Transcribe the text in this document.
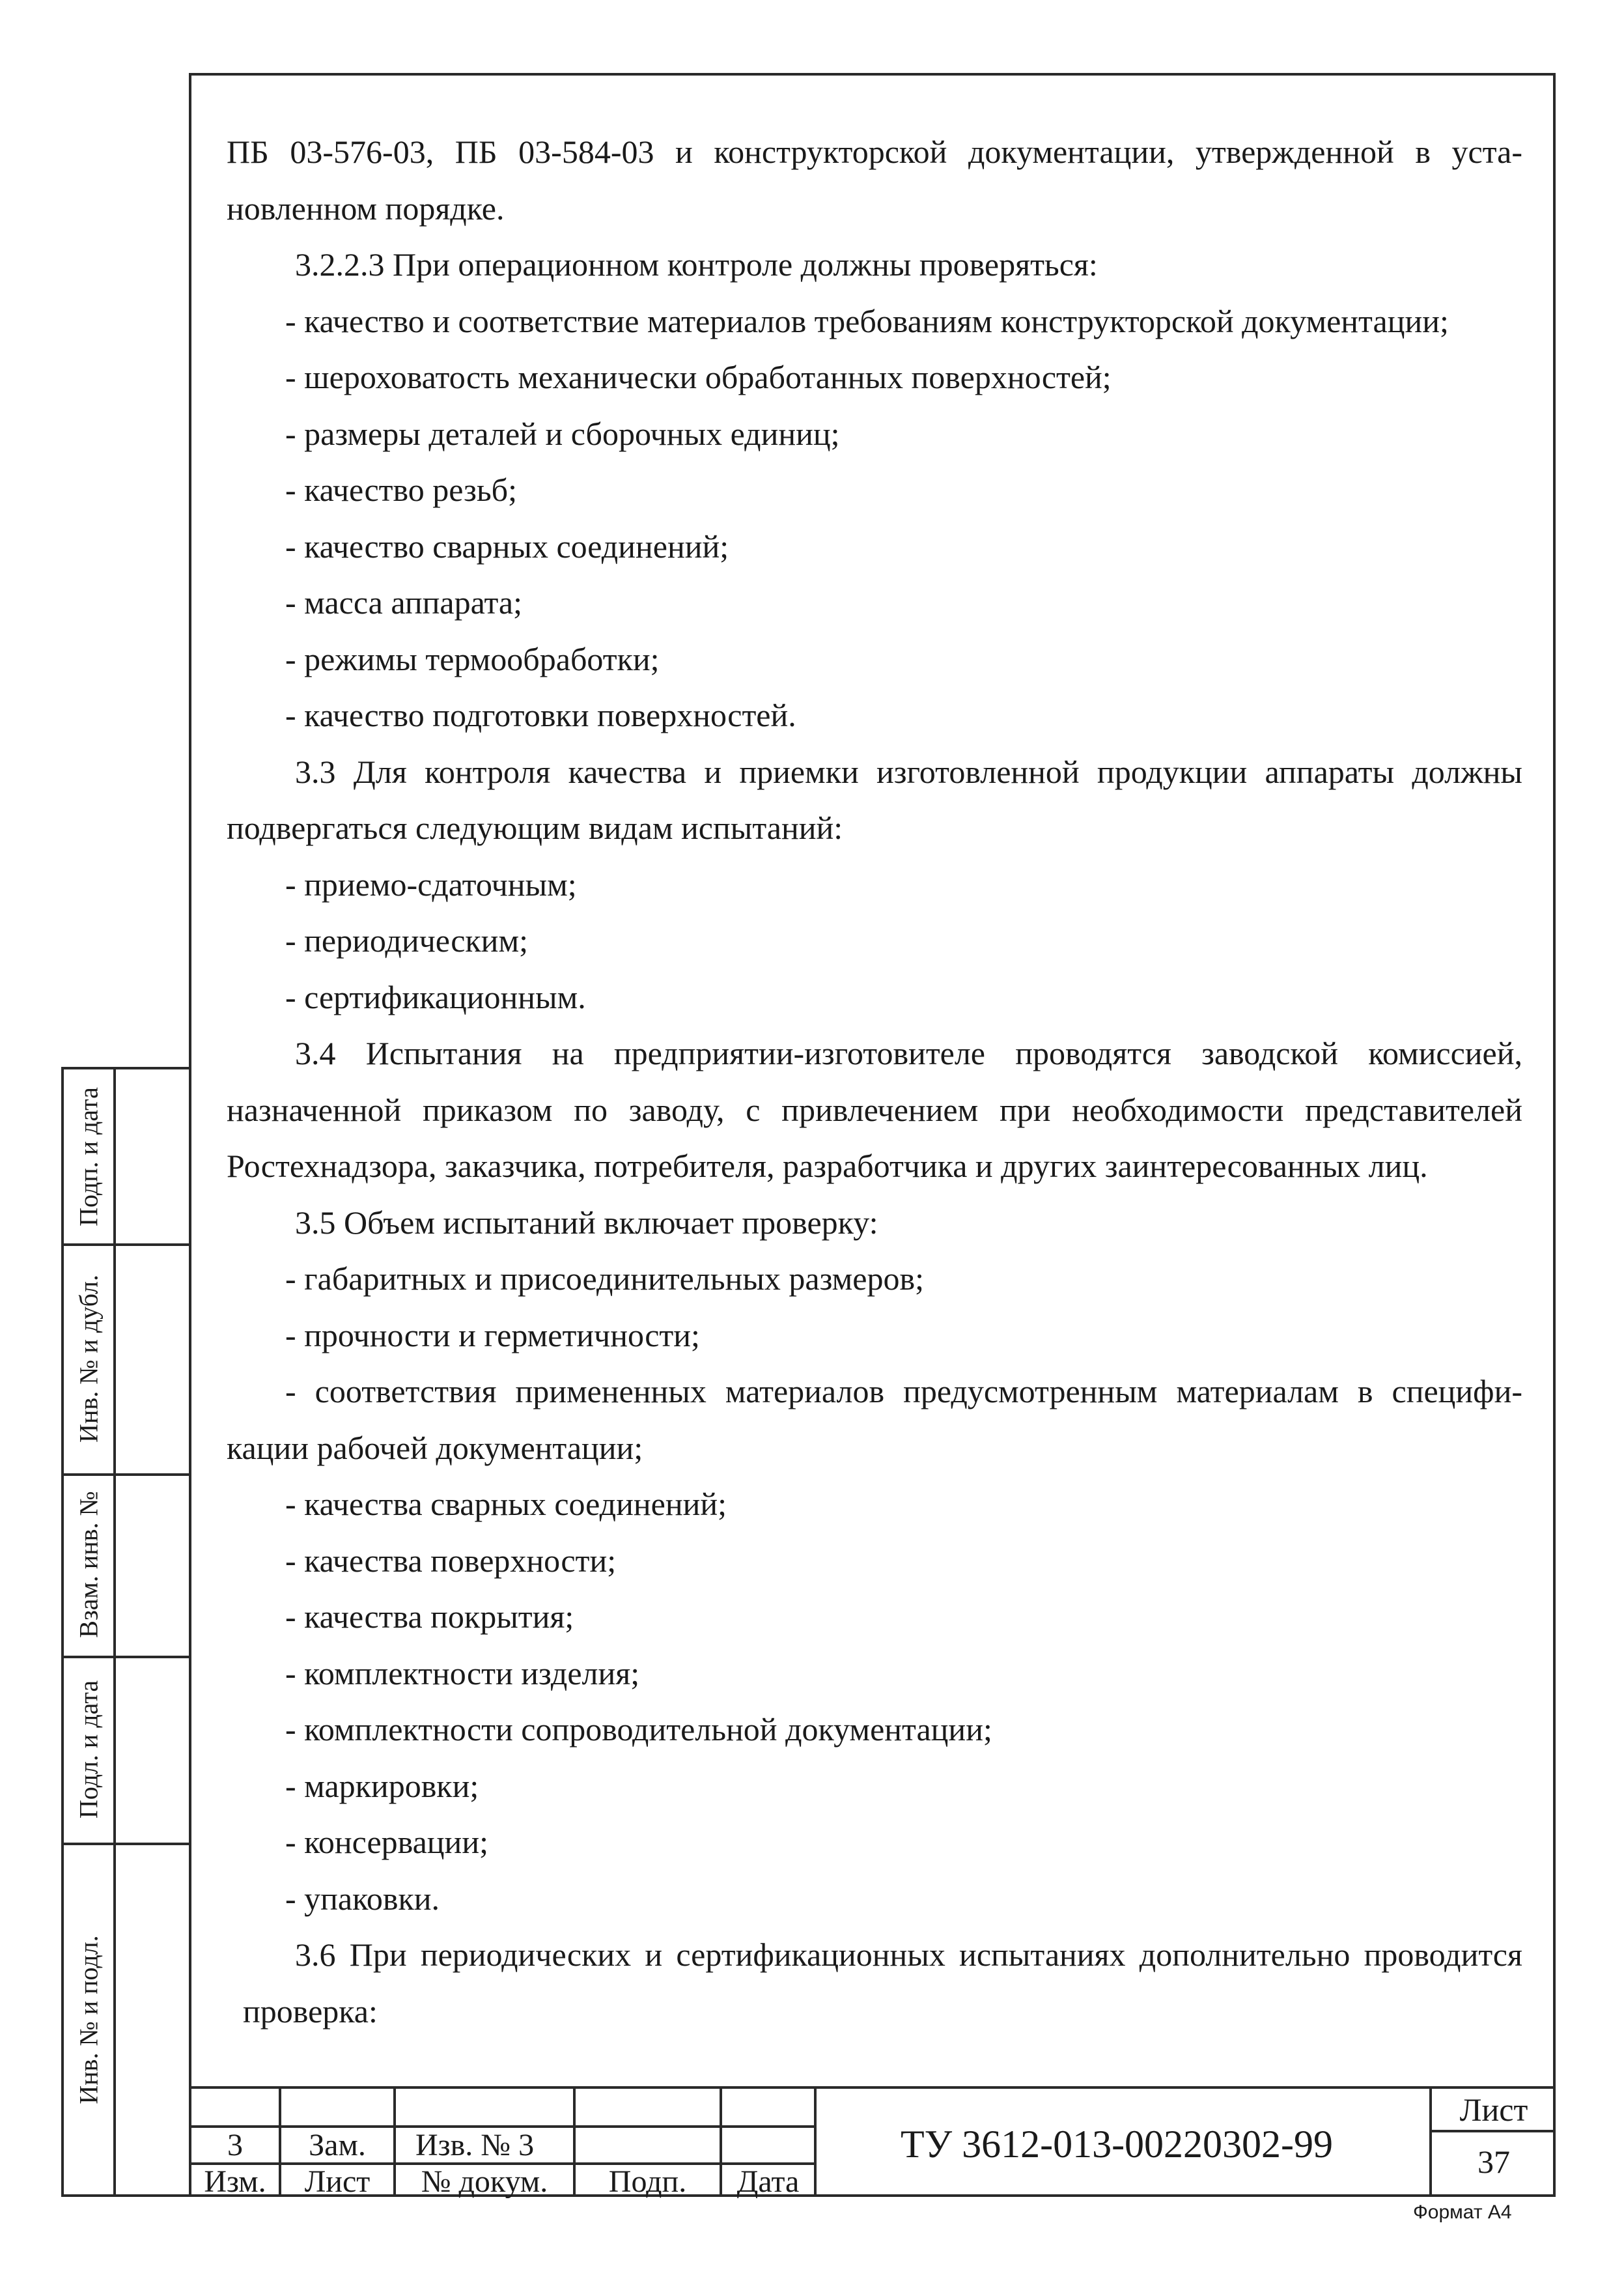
ПБ 03-576-03, ПБ 03-584-03 и конструкторской документации, утвержденной в уста-

новленном порядке.

3.2.2.3 При операционном контроле должны проверяться:

- качество и соответствие материалов требованиям конструкторской документации;

- шероховатость механически обработанных поверхностей;

- размеры деталей и сборочных единиц;

- качество резьб;

- качество сварных соединений;

- масса аппарата;

- режимы термообработки;

- качество подготовки поверхностей.

3.3 Для контроля качества и приемки изготовленной продукции аппараты должны

подвергаться следующим видам испытаний:

- приемо-сдаточным;

- периодическим;

- сертификационным.

3.4 Испытания на предприятии-изготовителе проводятся заводской комиссией,

назначенной приказом по заводу, с привлечением при необходимости представителей

Ростехнадзора, заказчика, потребителя, разработчика и других заинтересованных лиц.

3.5 Объем испытаний включает проверку:

- габаритных и присоединительных размеров;

- прочности и герметичности;

- соответствия примененных материалов предусмотренным материалам в специфи-

кации рабочей документации;

- качества сварных соединений;

- качества поверхности;

- качества покрытия;

- комплектности изделия;

- комплектности сопроводительной документации;

- маркировки;

- консервации;

- упаковки.

3.6 При периодических и сертификационных испытаниях дополнительно проводится

проверка:

Подп. и дата
Инв. № и дубл.
Взам. инв. №
Подл. и дата
Инв. № и подл.
3	Зам.	Изв. № 3
Изм.	Лист	№ докум.	Подп.	Дата
ТУ 3612-013-00220302-99
Лист
37
Формат А4
